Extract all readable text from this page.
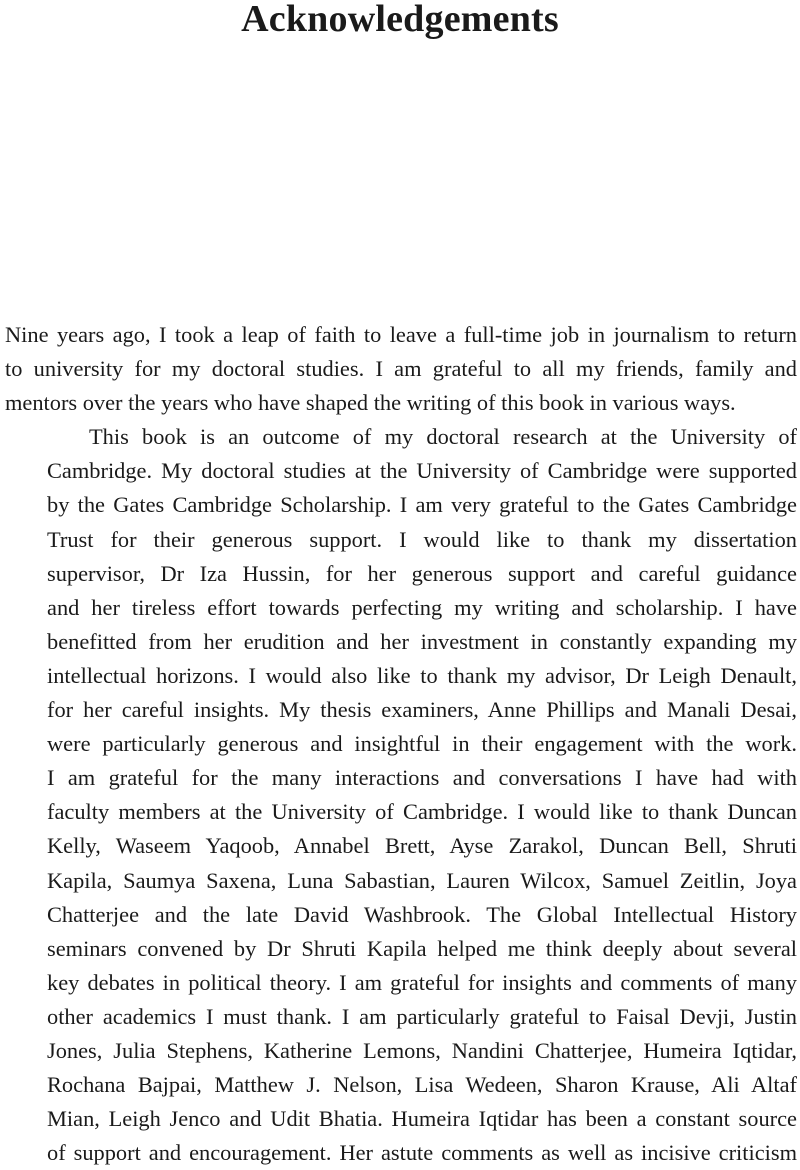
Acknowledgements

Nine years ago, I took a leap of faith to leave a full-time job in journalism to return
to university for my doctoral studies. I am grateful to all my friends, family and
mentors over the years who have shaped the writing of this book in various ways.

This book is an outcome of my doctoral research at the University of
Cambridge. My doctoral studies at the University of Cambridge were supported
by the Gates Cambridge Scholarship. I am very grateful to the Gates Cambridge
Trust for their generous support. I would like to thank my dissertation
supervisor, Dr Iza Hussin, for her generous support and careful guidance
and her tireless effort towards perfecting my writing and scholarship. I have
benefitted from her erudition and her investment in constantly expanding my
intellectual horizons. I would also like to thank my advisor, Dr Leigh Denault,
for her careful insights. My thesis examiners, Anne Phillips and Manali Desai,
were particularly generous and insightful in their engagement with the work.
I am grateful for the many interactions and conversations I have had with
faculty members at the University of Cambridge. I would like to thank Duncan
Kelly, Waseem Yaqoob, Annabel Brett, Ayse Zarakol, Duncan Bell, Shruti
Kapila, Saumya Saxena, Luna Sabastian, Lauren Wilcox, Samuel Zeitlin, Joya
Chatterjee and the late David Washbrook. The Global Intellectual History
seminars convened by Dr Shruti Kapila helped me think deeply about several
key debates in political theory. I am grateful for insights and comments of many
other academics I must thank. I am particularly grateful to Faisal Devji, Justin
Jones, Julia Stephens, Katherine Lemons, Nandini Chatterjee, Humeira Iqtidar,
Rochana Bajpai, Matthew J. Nelson, Lisa Wedeen, Sharon Krause, Ali Altaf
Mian, Leigh Jenco and Udit Bhatia. Humeira Iqtidar has been a constant source
of support and encouragement. Her astute comments as well as incisive criticism
